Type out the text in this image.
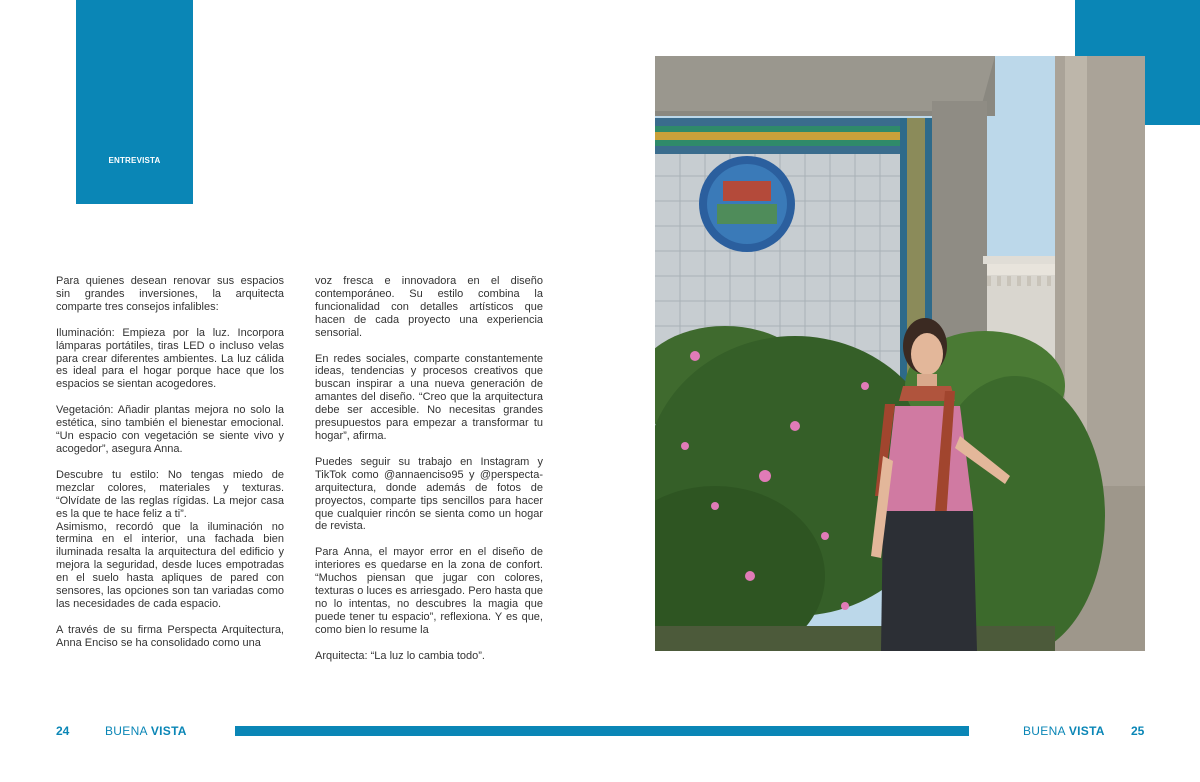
ENTREVISTA

Para quienes desean renovar sus espacios sin grandes inversiones, la arquitecta comparte tres consejos infalibles:

Iluminación: Empieza por la luz. Incorpora lámparas portátiles, tiras LED o incluso velas para crear diferentes ambientes. La luz cálida es ideal para el hogar porque hace que los espacios se sientan acogedores.

Vegetación: Añadir plantas mejora no solo la estética, sino también el bienestar emocional. “Un espacio con vegetación se siente vivo y acogedor”, asegura Anna.

Descubre tu estilo: No tengas miedo de mezclar colores, materiales y texturas. “Olvídate de las reglas rígidas. La mejor casa es la que te hace feliz a ti”.

Asimismo, recordó que la iluminación no termina en el interior, una fachada bien iluminada resalta la arquitectura del edificio y mejora la seguridad, desde luces empotradas en el suelo hasta apliques de pared con sensores, las opciones son tan variadas como las necesidades de cada espacio.

A través de su firma Perspecta Arquitectura, Anna Enciso se ha consolidado como una

voz fresca e innovadora en el diseño contemporáneo. Su estilo combina la funcionalidad con detalles artísticos que hacen de cada proyecto una experiencia sensorial.

En redes sociales, comparte constantemente ideas, tendencias y procesos creativos que buscan inspirar a una nueva generación de amantes del diseño. “Creo que la arquitectura debe ser accesible. No necesitas grandes presupuestos para empezar a transformar tu hogar”, afirma.

Puedes seguir su trabajo en Instagram y TikTok como @annaenciso95 y @perspecta-arquitectura, donde además de fotos de proyectos, comparte tips sencillos para hacer que cualquier rincón se sienta como un hogar de revista.

Para Anna, el mayor error en el diseño de interiores es quedarse en la zona de confort. “Muchos piensan que jugar con colores, texturas o luces es arriesgado. Pero hasta que no lo intentas, no descubres la magia que puede tener tu espacio”, reflexiona. Y es que, como bien lo resume la

Arquitecta: “La luz lo cambia todo”.

24	BUENA VISTA	BUENA VISTA 25
